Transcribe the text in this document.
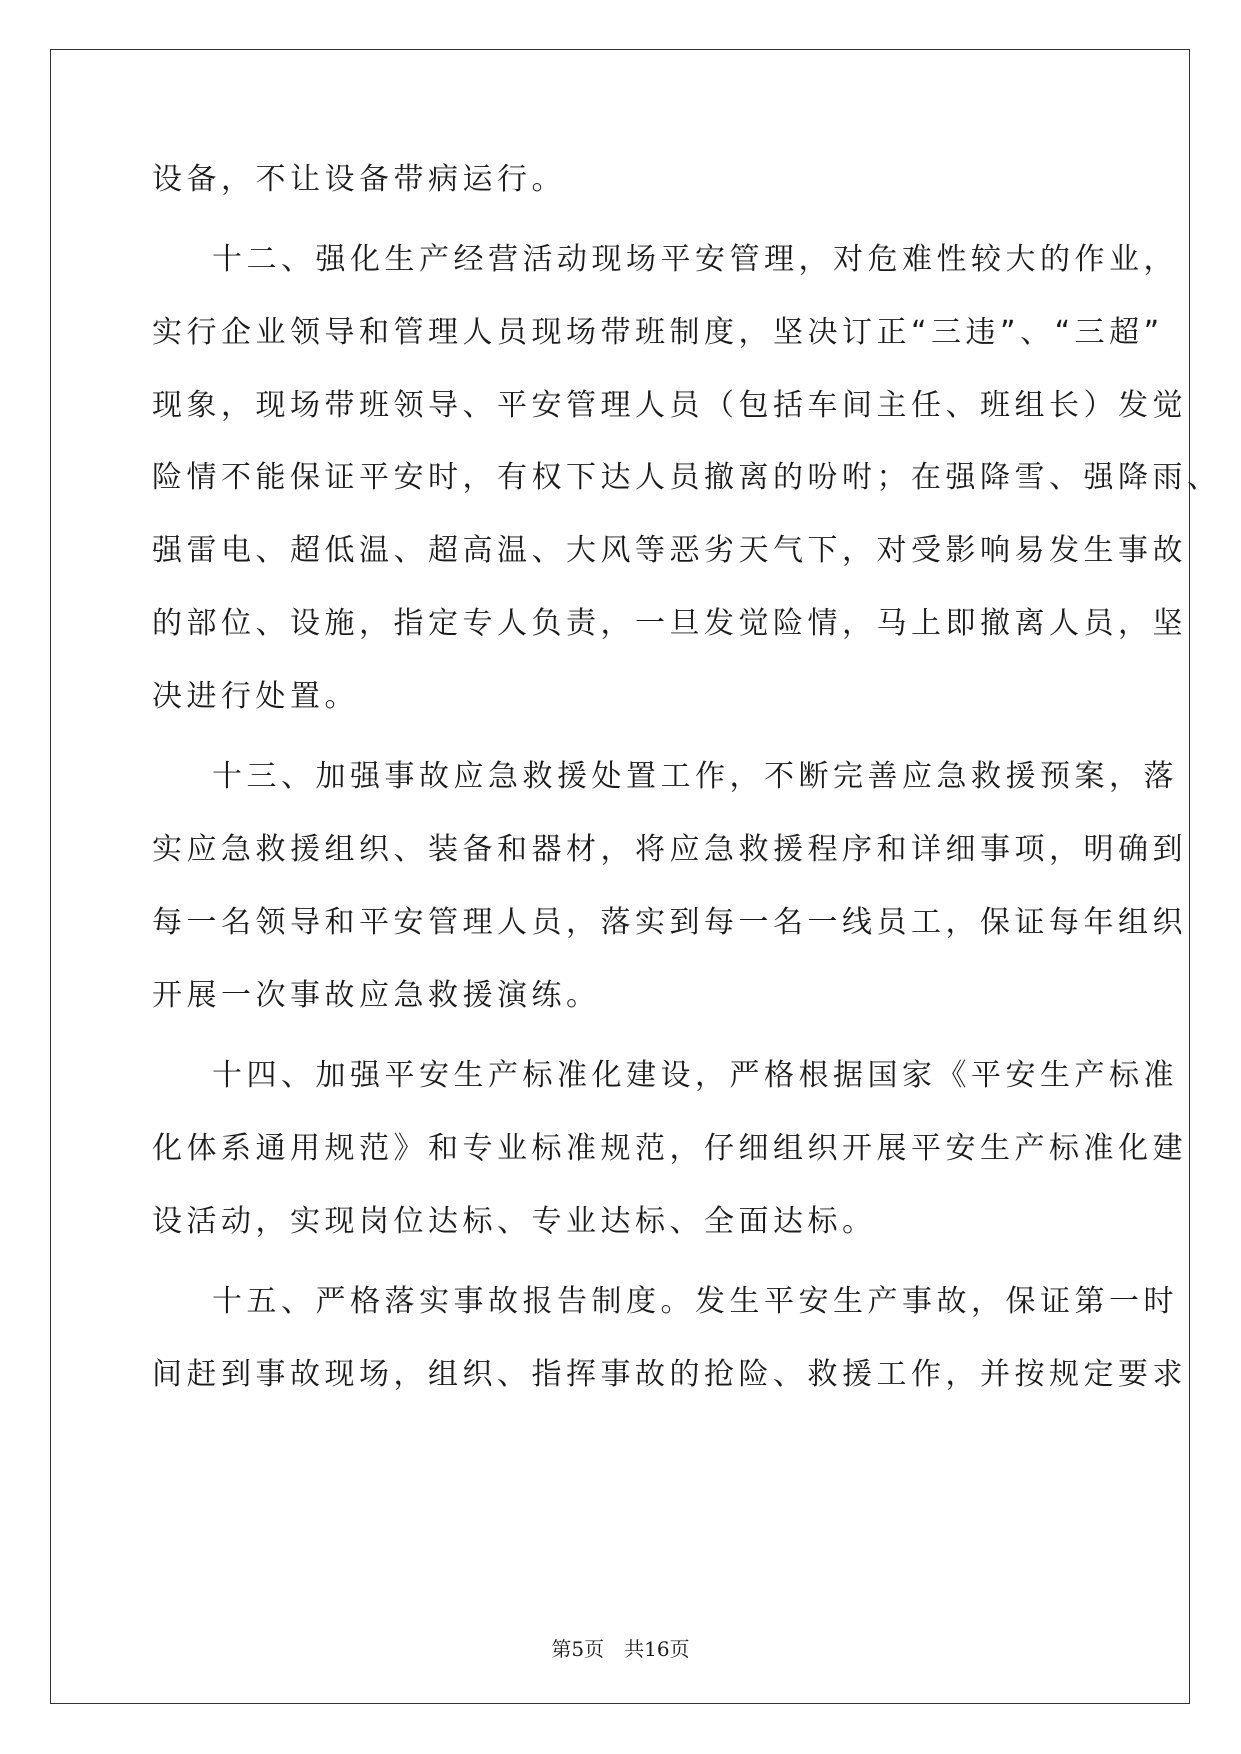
设备，不让设备带病运行。
十二、强化生产经营活动现场平安管理，对危难性较大的作业，
实行企业领导和管理人员现场带班制度，坚决订正“三违”、“三超”
现象，现场带班领导、平安管理人员（包括车间主任、班组长）发觉
险情不能保证平安时，有权下达人员撤离的吩咐；在强降雪、强降雨、
强雷电、超低温、超高温、大风等恶劣天气下，对受影响易发生事故
的部位、设施，指定专人负责，一旦发觉险情，马上即撤离人员，坚
决进行处置。
十三、加强事故应急救援处置工作，不断完善应急救援预案，落
实应急救援组织、装备和器材，将应急救援程序和详细事项，明确到
每一名领导和平安管理人员，落实到每一名一线员工，保证每年组织
开展一次事故应急救援演练。
十四、加强平安生产标准化建设，严格根据国家《平安生产标准
化体系通用规范》和专业标准规范，仔细组织开展平安生产标准化建
设活动，实现岗位达标、专业达标、全面达标。
十五、严格落实事故报告制度。发生平安生产事故，保证第一时
间赶到事故现场，组织、指挥事故的抢险、救援工作，并按规定要求
第5页　共16页
